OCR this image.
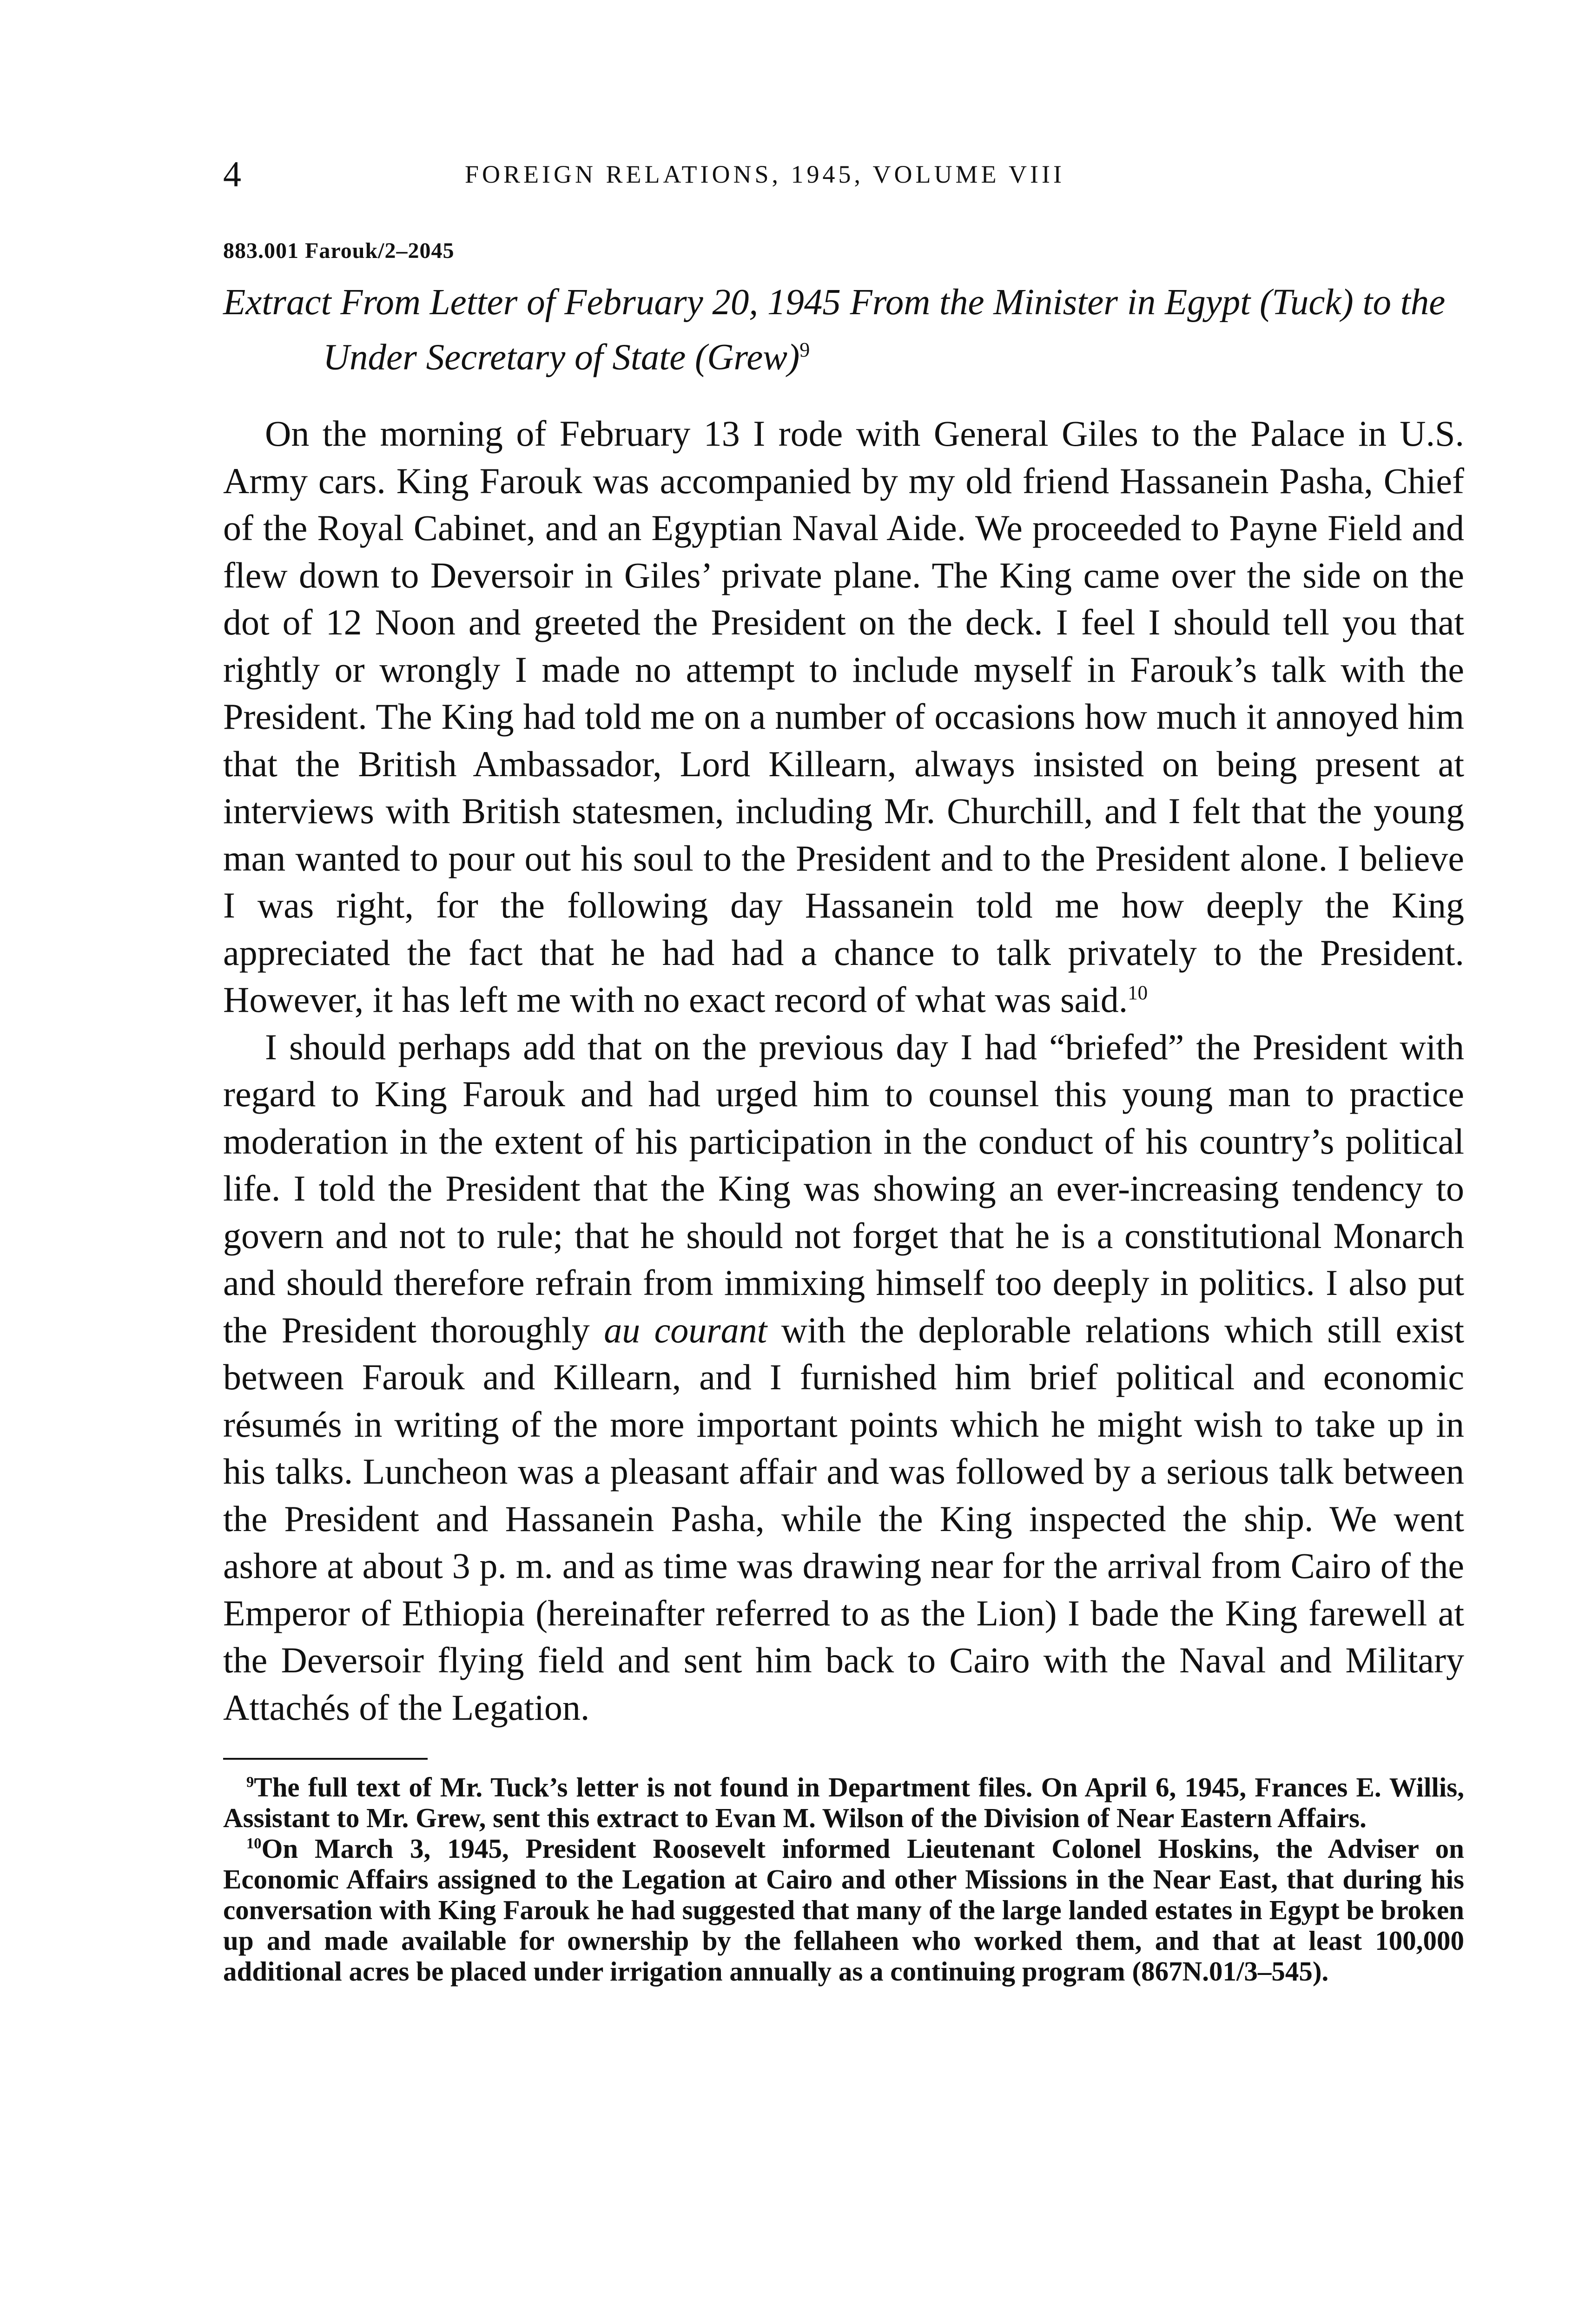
4	FOREIGN RELATIONS, 1945, VOLUME VIII
883.001 Farouk/2–2045
Extract From Letter of February 20, 1945 From the Minister in Egypt (Tuck) to the Under Secretary of State (Grew)$^9$

On the morning of February 13 I rode with General Giles to the Palace in U.S. Army cars. King Farouk was accompanied by my old friend Hassanein Pasha, Chief of the Royal Cabinet, and an Egyptian Naval Aide. We proceeded to Payne Field and flew down to Deversoir in Giles’ private plane. The King came over the side on the dot of 12 Noon and greeted the President on the deck. I feel I should tell you that rightly or wrongly I made no attempt to include myself in Farouk’s talk with the President. The King had told me on a number of occasions how much it annoyed him that the British Ambassador, Lord Killearn, always insisted on being present at interviews with British statesmen, including Mr. Churchill, and I felt that the young man wanted to pour out his soul to the President and to the President alone. I believe I was right, for the following day Hassanein told me how deeply the King appreciated the fact that he had had a chance to talk privately to the President. However, it has left me with no exact record of what was said.$^{10}$

I should perhaps add that on the previous day I had “briefed” the President with regard to King Farouk and had urged him to counsel this young man to practice moderation in the extent of his participation in the conduct of his country’s political life. I told the President that the King was showing an ever-increasing tendency to govern and not to rule; that he should not forget that he is a constitutional Monarch and should therefore refrain from immixing himself too deeply in politics. I also put the President thoroughly au courant with the deplorable relations which still exist between Farouk and Killearn, and I furnished him brief political and economic résumés in writing of the more important points which he might wish to take up in his talks. Luncheon was a pleasant affair and was followed by a serious talk between the President and Hassanein Pasha, while the King inspected the ship. We went ashore at about 3 p. m. and as time was drawing near for the arrival from Cairo of the Emperor of Ethiopia (hereinafter referred to as the Lion) I bade the King farewell at the Deversoir flying field and sent him back to Cairo with the Naval and Military Attachés of the Legation.

$^9$The full text of Mr. Tuck’s letter is not found in Department files. On April 6, 1945, Frances E. Willis, Assistant to Mr. Grew, sent this extract to Evan M. Wilson of the Division of Near Eastern Affairs.

$^{10}$On March 3, 1945, President Roosevelt informed Lieutenant Colonel Hoskins, the Adviser on Economic Affairs assigned to the Legation at Cairo and other Missions in the Near East, that during his conversation with King Farouk he had suggested that many of the large landed estates in Egypt be broken up and made available for ownership by the fellaheen who worked them, and that at least 100,000 additional acres be placed under irrigation annually as a continuing program (867N.01/3–545).
